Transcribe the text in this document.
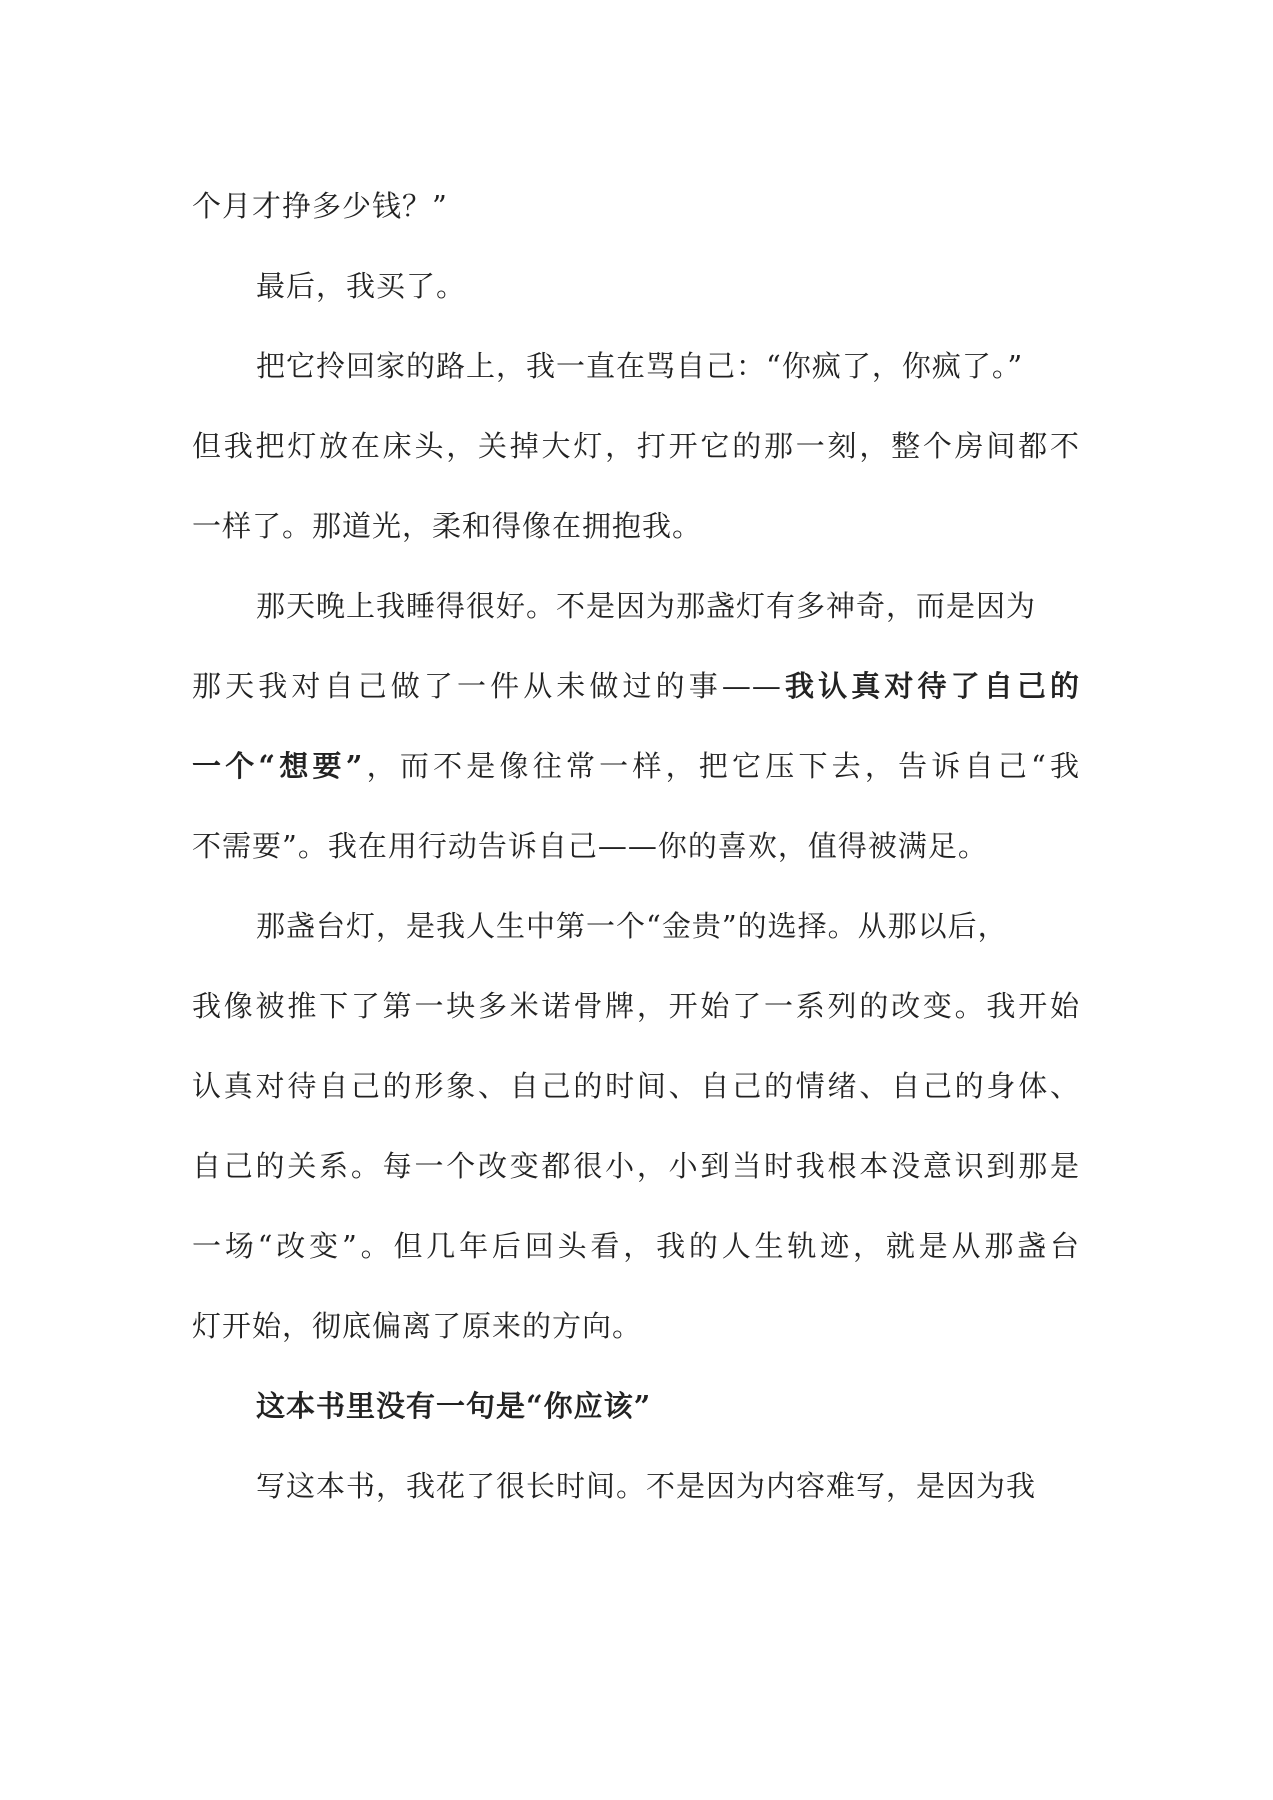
个月才挣多少钱？”
最后，我买了。
把它拎回家的路上，我一直在骂自己：“你疯了，你疯了。”
但我把灯放在床头，关掉大灯，打开它的那一刻，整个房间都不
一样了。那道光，柔和得像在拥抱我。
那天晚上我睡得很好。不是因为那盏灯有多神奇，而是因为
那天我对自己做了一件从未做过的事——我认真对待了自己的
一个“想要”，而不是像往常一样，把它压下去，告诉自己“我
不需要”。我在用行动告诉自己——你的喜欢，值得被满足。
那盏台灯，是我人生中第一个“金贵”的选择。从那以后，
我像被推下了第一块多米诺骨牌，开始了一系列的改变。我开始
认真对待自己的形象、自己的时间、自己的情绪、自己的身体、
自己的关系。每一个改变都很小，小到当时我根本没意识到那是
一场“改变”。但几年后回头看，我的人生轨迹，就是从那盏台
灯开始，彻底偏离了原来的方向。
这本书里没有一句是“你应该”
写这本书，我花了很长时间。不是因为内容难写，是因为我
